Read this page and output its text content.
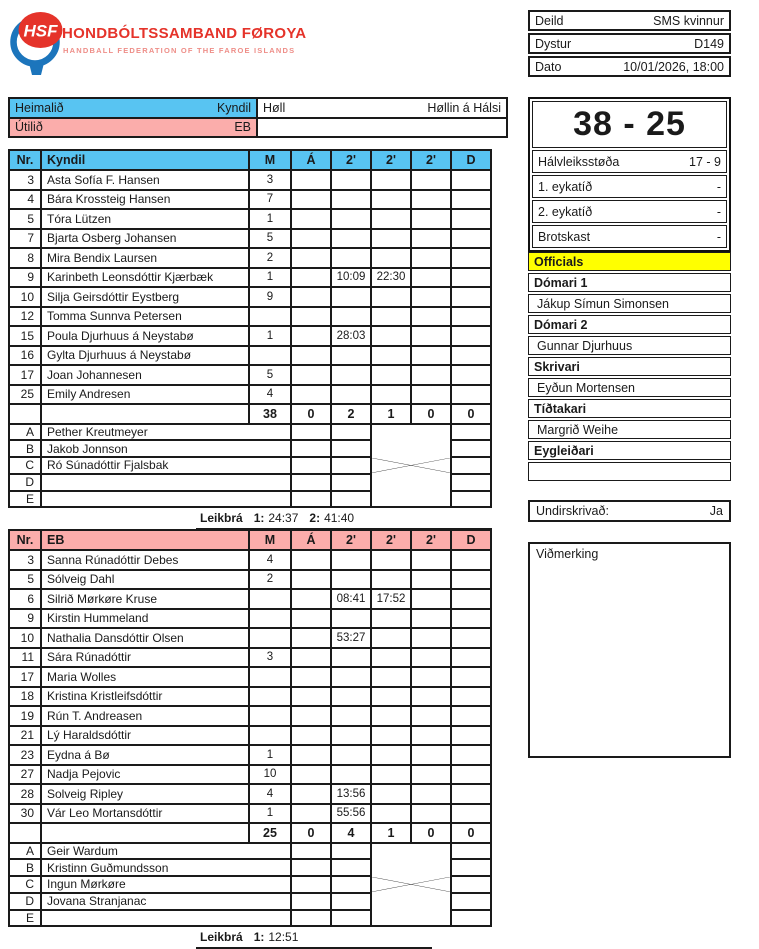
HSF HONDBÓLTSSAMBAND FØROYA
HANDBALL FEDERATION OF THE FAROE ISLANDS
Deild	SMS kvinnur
Dystur	D149
Dato	10/01/2026, 18:00
Heimalið Kyndil	Høll Høllin á Hálsi

Útilið EB	

Nr.	Kyndil	M	Á	2'	2'	2'	D
3	Asta Sofía F. Hansen	3					
4	Bára Krossteig Hansen	7					
5	Tóra Lützen	1					
7	Bjarta Osberg Johansen	5					
8	Mira Bendix Laursen	2					
9	Karinbeth Leonsdóttir Kjærbæk	1		10:09	22:30		
10	Silja Geirsdóttir Eystberg	9					
12	Tomma Sunnva Petersen						
15	Poula Djurhuus á Neystabø	1		28:03			
16	Gylta Djurhuus á Neystabø						
17	Joan Johannesen	5					
25	Emily Andresen	4					
		38	0	2	1	0	0
A	Pether Kreutmeyer			

B	Jakob Jonnson						
C	Ró Súnadóttir Fjalsbak						
D							
E							
Leikbrá 1: 24:37 2: 41:40
Nr.	EB	M	Á	2'	2'	2'	D
3	Sanna Rúnadóttir Debes	4					
5	Sólveig Dahl	2					
6	Silrið Mørkøre Kruse			08:41	17:52		
9	Kirstin Hummeland						
10	Nathalia Dansdóttir Olsen			53:27			
11	Sára Rúnadóttir	3					
17	Maria Wolles						
18	Kristina Kristleifsdóttir						
19	Rún T. Andreasen						
21	Lý Haraldsdóttir						
23	Eydna á Bø	1					
27	Nadja Pejovic	10					
28	Solveig Ripley	4		13:56			
30	Vár Leo Mortansdóttir	1		55:56			
		25	0	4	1	0	0
A	Geir Wardum			

B	Kristinn Guðmundsson						
C	Ingun Mørkøre						
D	Jovana Stranjanac						
E							
Leikbrá 1: 12:51
38 - 25
Hálvleiksstøða	17 - 9
1. eykatíð	-
2. eykatíð	-
Brotskast	-
Officials
Dómari 1
Jákup Símun Simonsen
Dómari 2
Gunnar Djurhuus
Skrivari
Eyðun Mortensen
Tíðtakari
Margrið Weihe
Eygleiðari
Undirskrivað:	Ja
Viðmerking
